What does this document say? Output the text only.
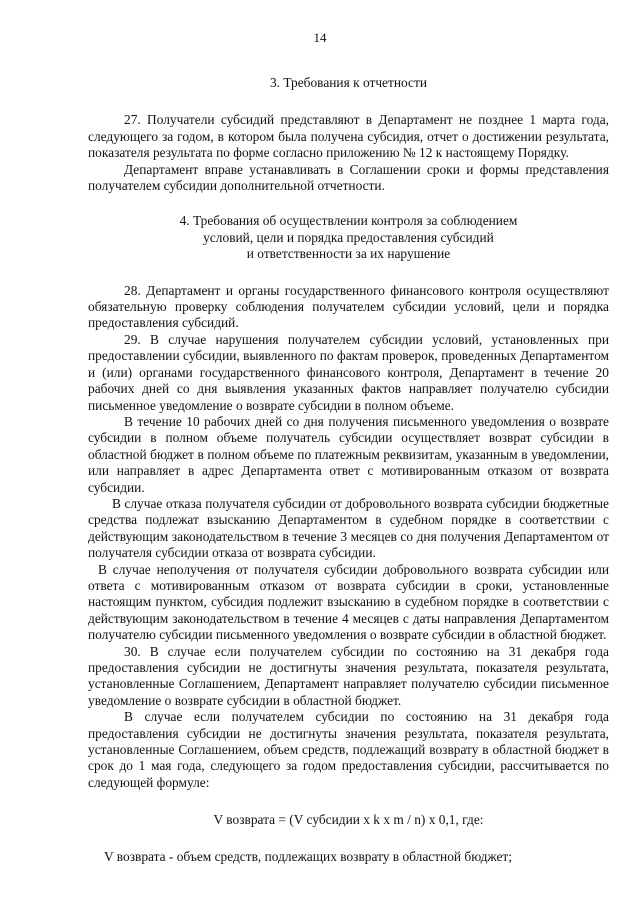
14

3. Требования к отчетности

27. Получатели субсидий представляют в Департамент не позднее 1 марта года, следующего за годом, в котором была получена субсидия, отчет о достижении результата, показателя результата по форме согласно приложению № 12 к настоящему Порядку.

Департамент вправе устанавливать в Соглашении сроки и формы представления получателем субсидии дополнительной отчетности.

4. Требования об осуществлении контроля за соблюдением
условий, цели и порядка предоставления субсидий
и ответственности за их нарушение

28. Департамент и органы государственного финансового контроля осуществляют обязательную проверку соблюдения получателем субсидии условий, цели и порядка предоставления субсидий.

29. В случае нарушения получателем субсидии условий, установленных при предоставлении субсидии, выявленного по фактам проверок, проведенных Департаментом и (или) органами государственного финансового контроля, Департамент в течение 20 рабочих дней со дня выявления указанных фактов направляет получателю субсидии письменное уведомление о возврате субсидии в полном объеме.

В течение 10 рабочих дней со дня получения письменного уведомления о возврате субсидии в полном объеме получатель субсидии осуществляет возврат субсидии в областной бюджет в полном объеме по платежным реквизитам, указанным в уведомлении, или направляет в адрес Департамента ответ с мотивированным отказом от возврата субсидии.

В случае отказа получателя субсидии от добровольного возврата субсидии бюджетные средства подлежат взысканию Департаментом в судебном порядке в соответствии с действующим законодательством в течение 3 месяцев со дня получения Департаментом от получателя субсидии отказа от возврата субсидии.

В случае неполучения от получателя субсидии добровольного возврата субсидии или ответа с мотивированным отказом от возврата субсидии в сроки, установленные настоящим пунктом, субсидия подлежит взысканию в судебном порядке в соответствии с действующим законодательством в течение 4 месяцев с даты направления Департаментом получателю субсидии письменного уведомления о возврате субсидии в областной бюджет.

30. В случае если получателем субсидии по состоянию на 31 декабря года предоставления субсидии не достигнуты значения результата, показателя результата, установленные Соглашением, Департамент направляет получателю субсидии письменное уведомление о возврате субсидии в областной бюджет.

В случае если получателем субсидии по состоянию на 31 декабря года предоставления субсидии не достигнуты значения результата, показателя результата, установленные Соглашением, объем средств, подлежащий возврату в областной бюджет в срок до 1 мая года, следующего за годом предоставления субсидии, рассчитывается по следующей формуле:

V возврата = (V субсидии x k x m / n) x 0,1, где:

V возврата - объем средств, подлежащих возврату в областной бюджет;
